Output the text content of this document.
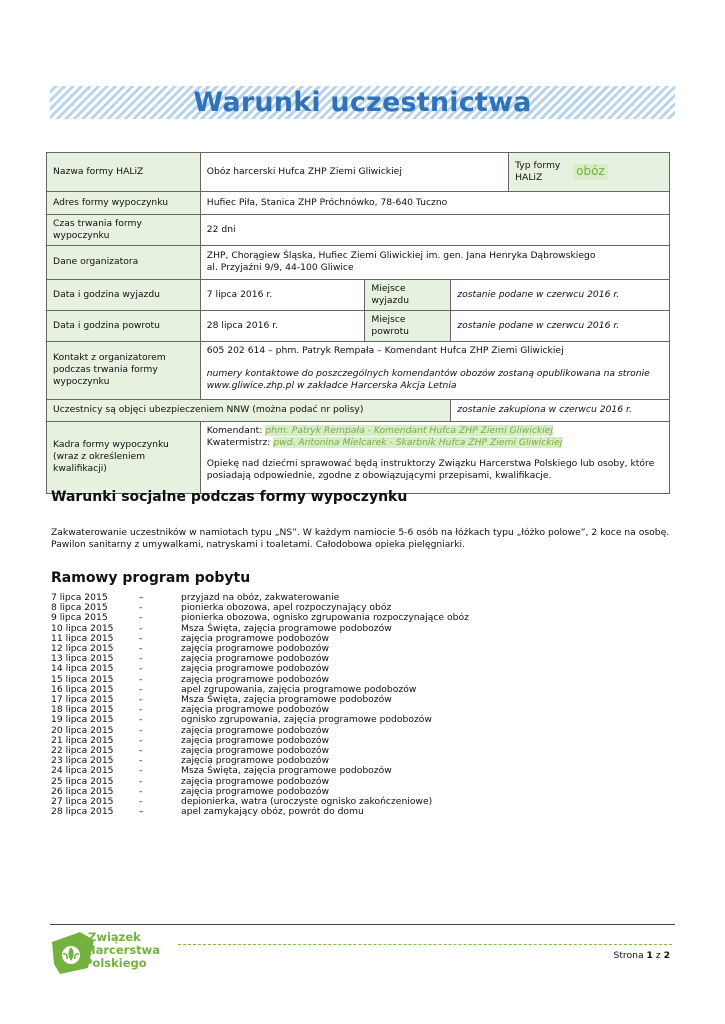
Warunki uczestnictwa
Nazwa formy HALiZ	Obóz harcerski Hufca ZHP Ziemi Gliwickiej			Typ formy HALiZ obóz

Adres formy wypoczynku	Hufiec Piła, Stanica ZHP Próchnówko, 78-640 Tuczno			
Czas trwania formy wypoczynku	22 dni			
Dane organizatora	ZHP, Chorągiew Śląska, Hufiec Ziemi Gliwickiej im. gen. Jana Henryka Dąbrowskiego
al. Przyjaźni 9/9, 44-100 Gliwice			

Data i godzina wyjazdu	7 lipca 2016 r.	Miejsce wyjazdu	zostanie podane w czerwcu 2016 r.	
Data i godzina powrotu	28 lipca 2016 r.	Miejsce powrotu	zostanie podane w czerwcu 2016 r.	
Kontakt z organizatorem podczas trwania formy wypoczynku	605 202 614 – phm. Patryk Rempała – Komendant Hufca ZHP Ziemi Gliwickiej
numery kontaktowe do poszczególnych komendantów obozów zostaną opublikowana na stronie
www.gliwice.zhp.pl w zakładce Harcerska Akcja Letnia			

Uczestnicy są objęci ubezpieczeniem NNW (można podać nr polisy)			zostanie zakupiona w czerwcu 2016 r.	
Kadra formy wypoczynku (wraz z określeniem kwalifikacji)	Komendant: phm. Patryk Rempała - Komendant Hufca ZHP Ziemi Gliwickiej
Kwatermistrz: pwd. Antonina Mielcarek - Skarbnik Hufca ZHP Ziemi Gliwickiej
Opiekę nad dziećmi sprawować będą instruktorzy Związku Harcerstwa Polskiego lub osoby, które posiadają odpowiednie, zgodne z obowiązującymi przepisami, kwalifikacje.			
Warunki socjalne podczas formy wypoczynku

Zakwaterowanie uczestników w namiotach typu „NS”. W każdym namiocie 5-6 osób na łóżkach typu „łóżko polowe”, 2 koce na osobę. Pawilon sanitarny z umywalkami, natryskami i toaletami. Całodobowa opieka pielęgniarki.

Ramowy program pobytu
7 lipca 2015	–	przyjazd na obóz, zakwaterowanie
8 lipca 2015	-	pionierka obozowa, apel rozpoczynający obóz
9 lipca 2015	-	pionierka obozowa, ognisko zgrupowania rozpoczynające obóz
10 lipca 2015	-	Msza Święta, zajęcia programowe podobozów
11 lipca 2015	-	zajęcia programowe podobozów
12 lipca 2015	-	zajęcia programowe podobozów
13 lipca 2015	-	zajęcia programowe podobozów
14 lipca 2015	-	zajęcia programowe podobozów
15 lipca 2015	-	zajęcia programowe podobozów
16 lipca 2015	-	apel zgrupowania, zajęcia programowe podobozów
17 lipca 2015	-	Msza Święta, zajęcia programowe podobozów
18 lipca 2015	-	zajęcia programowe podobozów
19 lipca 2015	-	ognisko zgrupowania, zajęcia programowe podobozów
20 lipca 2015	-	zajęcia programowe podobozów
21 lipca 2015	-	zajęcia programowe podobozów
22 lipca 2015	-	zajęcia programowe podobozów
23 lipca 2015	-	zajęcia programowe podobozów
24 lipca 2015	-	Msza Święta, zajęcia programowe podobozów
25 lipca 2015	-	zajęcia programowe podobozów
26 lipca 2015	-	zajęcia programowe podobozów
27 lipca 2015	-	depionierka, watra (uroczyste ognisko zakończeniowe)
28 lipca 2015	–	apel zamykający obóz, powrót do domu
Związek
Harcerstwa
Polskiego
Strona 1 z 2
